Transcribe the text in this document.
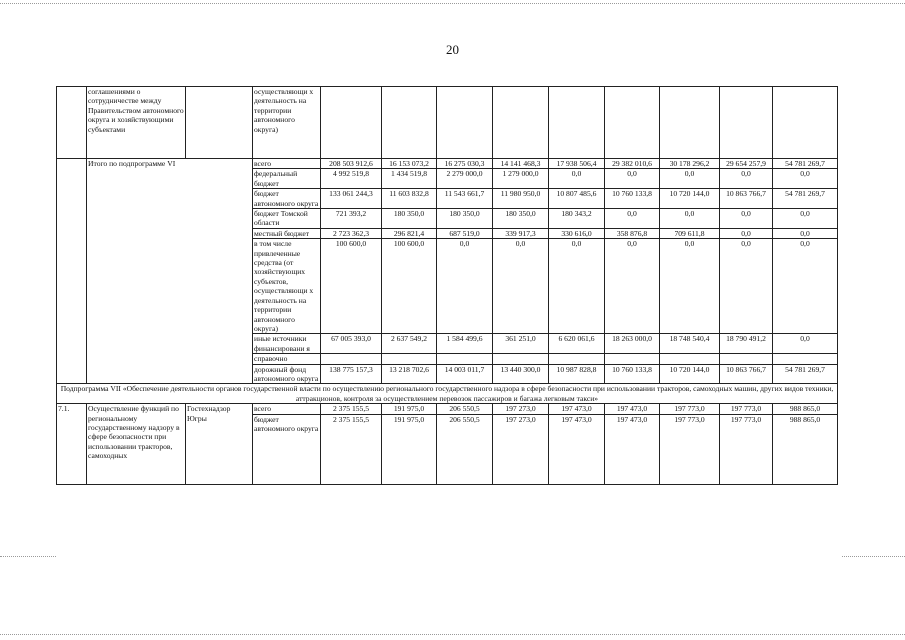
20
	соглашениями о сотрудничестве между Правительством автономного округа и хозяйствующими субъектами		осуществляющи х деятельность на территории автономного округа)									
	Итого по подпрограмме VI		всего	208 503 912,6	16 153 073,2	16 275 030,3	14 141 468,3	17 938 506,4	29 382 010,6	30 178 296,2	29 654 257,9	54 781 269,7
			федеральный бюджет	4 992 519,8	1 434 519,8	2 279 000,0	1 279 000,0	0,0	0,0	0,0	0,0	0,0
			бюджет автономного округа	133 061 244,3	11 603 832,8	11 543 661,7	11 980 950,0	10 807 485,6	10 760 133,8	10 720 144,0	10 863 766,7	54 781 269,7
			бюджет Томской области	721 393,2	180 350,0	180 350,0	180 350,0	180 343,2	0,0	0,0	0,0	0,0
			местный бюджет	2 723 362,3	296 821,4	687 519,0	339 917,3	330 616,0	358 876,8	709 611,8	0,0	0,0
			в том числе привлеченные средства (от хозяйствующих субъектов, осуществляющи х деятельность на территории автономного округа)	100 600,0	100 600,0	0,0	0,0	0,0	0,0	0,0	0,0	0,0
			иные источники финансировани я	67 005 393,0	2 637 549,2	1 584 499,6	361 251,0	6 620 061,6	18 263 000,0	18 748 540,4	18 790 491,2	0,0
			справочно									
			дорожный фонд автономного округа	138 775 157,3	13 218 702,6	14 003 011,7	13 440 300,0	10 987 828,8	10 760 133,8	10 720 144,0	10 863 766,7	54 781 269,7
Подпрограмма VII «Обеспечение деятельности органов государственной власти по осуществлению регионального государственного надзора в сфере безопасности при использовании тракторов, самоходных машин, других видов техники, аттракционов, контроля за осуществлением перевозок пассажиров и багажа легковым такси»												
7.1.	Осуществление функций по региональному государственному надзору в сфере безопасности при использовании тракторов, самоходных	Гостехнадзор Югры	всего	2 375 155,5	191 975,0	206 550,5	197 273,0	197 473,0	197 473,0	197 773,0	197 773,0	988 865,0
			бюджет автономного округа	2 375 155,5	191 975,0	206 550,5	197 273,0	197 473,0	197 473,0	197 773,0	197 773,0	988 865,0
